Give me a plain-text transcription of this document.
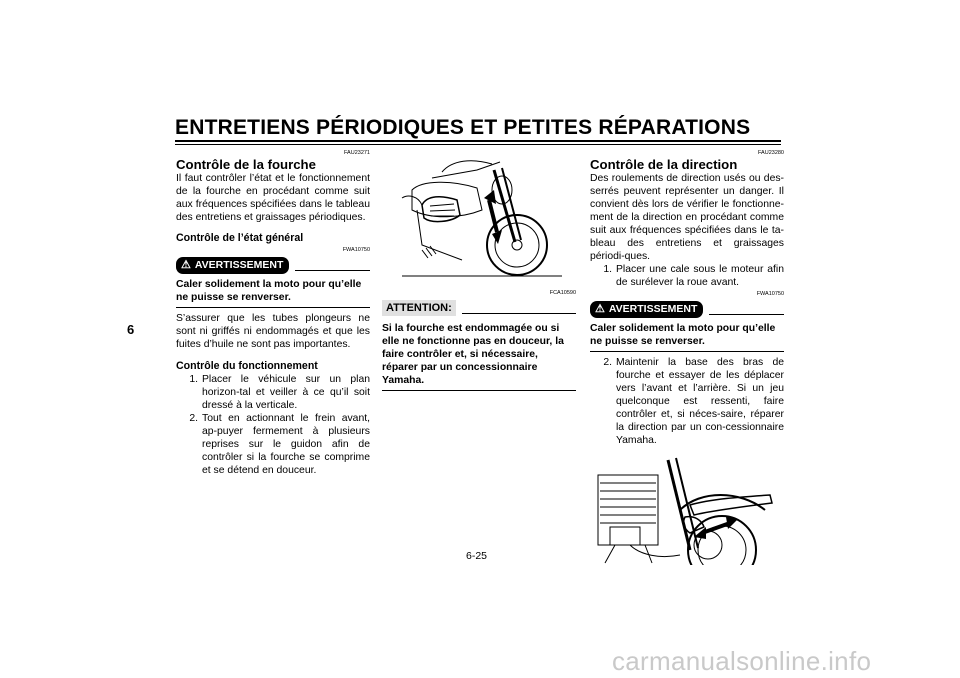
ENTRETIENS PÉRIODIQUES ET PETITES RÉPARATIONS
6
FAU23271
Contrôle de la fourche

Il faut contrôler l’état et le fonctionnement de la fourche en procédant comme suit aux fréquences spécifiées dans le tableau des entretiens et graissages périodiques.

Contrôle de l’état général
FWA10750
⚠ AVERTISSEMENT
Caler solidement la moto pour qu’elle ne puisse se renverser.

S’assurer que les tubes plongeurs ne sont ni griffés ni endommagés et que les fuites d’huile ne sont pas importantes.

Contrôle du fonctionnement
1. Placer le véhicule sur un plan horizon-tal et veiller à ce qu’il soit dressé à la verticale.
2. Tout en actionnant le frein avant, ap-puyer fermement à plusieurs reprises sur le guidon afin de contrôler si la fourche se comprime et se détend en douceur.
FCA10590
ATTENTION:
Si la fourche est endommagée ou si elle ne fonctionne pas en douceur, la faire contrôler et, si nécessaire, réparer par un concessionnaire Yamaha.
FAU23280
Contrôle de la direction

Des roulements de direction usés ou des-serrés peuvent représenter un danger. Il convient dès lors de vérifier le fonctionne-ment de la direction en procédant comme suit aux fréquences spécifiées dans le ta-bleau des entretiens et graissages périodi-ques.

1. Placer une cale sous le moteur afin de surélever la roue avant.
FWA10750
⚠ AVERTISSEMENT
Caler solidement la moto pour qu’elle ne puisse se renverser.
2. Maintenir la base des bras de fourche et essayer de les déplacer vers l’avant et l’arrière. Si un jeu quelconque est ressenti, faire contrôler et, si néces-saire, réparer la direction par un con-cessionnaire Yamaha.
6-25
carmanualsonline.info
